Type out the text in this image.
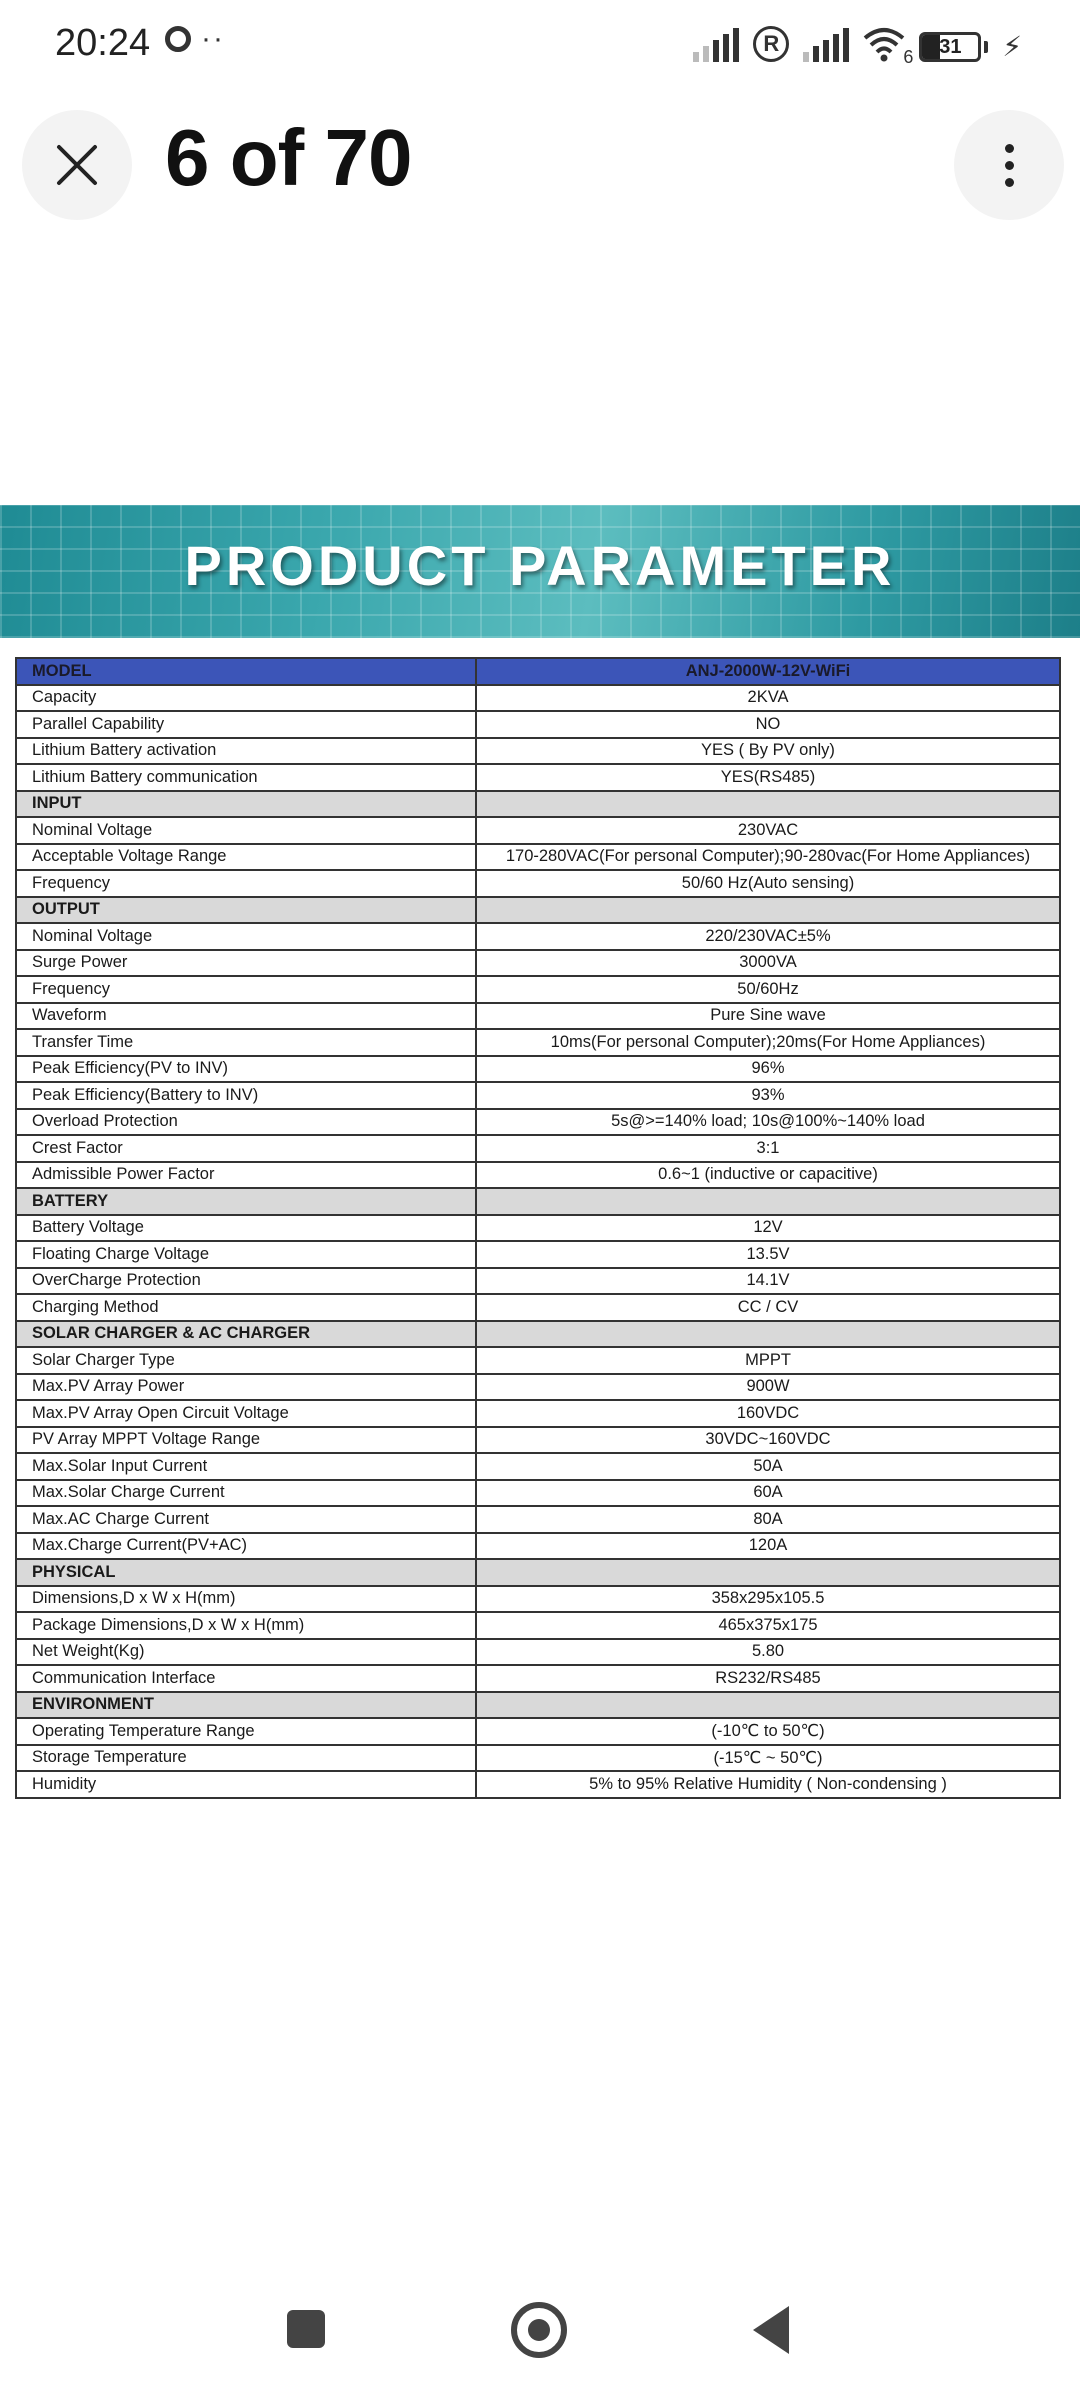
20:24 ··	R
6	31	⚡
6 of 70
PRODUCT PARAMETER
MODEL	ANJ-2000W-12V-WiFi
Capacity	2KVA
Parallel Capability	NO
Lithium Battery activation	YES ( By PV only)
Lithium Battery communication	YES(RS485)
INPUT	
Nominal Voltage	230VAC
Acceptable Voltage Range	170-280VAC(For personal Computer);90-280vac(For Home Appliances)
Frequency	50/60 Hz(Auto sensing)
OUTPUT	
Nominal Voltage	220/230VAC±5%
Surge Power	3000VA
Frequency	50/60Hz
Waveform	Pure Sine wave
Transfer Time	10ms(For personal Computer);20ms(For Home Appliances)
Peak Efficiency(PV to INV)	96%
Peak Efficiency(Battery to INV)	93%
Overload Protection	5s@>=140% load; 10s@100%~140% load
Crest Factor	3:1
Admissible Power Factor	0.6~1 (inductive or capacitive)
BATTERY	
Battery Voltage	12V
Floating Charge Voltage	13.5V
OverCharge Protection	14.1V
Charging Method	CC / CV
SOLAR CHARGER & AC CHARGER	
Solar Charger Type	MPPT
Max.PV Array Power	900W
Max.PV Array Open Circuit Voltage	160VDC
PV Array MPPT Voltage Range	30VDC~160VDC
Max.Solar Input Current	50A
Max.Solar Charge Current	60A
Max.AC Charge Current	80A
Max.Charge Current(PV+AC)	120A
PHYSICAL	
Dimensions,D x W x H(mm)	358x295x105.5
Package Dimensions,D x W x H(mm)	465x375x175
Net Weight(Kg)	5.80
Communication Interface	RS232/RS485
ENVIRONMENT	
Operating Temperature Range	(-10℃ to 50℃)
Storage Temperature	(-15℃ ~ 50℃)
Humidity	5% to 95% Relative Humidity ( Non-condensing )
